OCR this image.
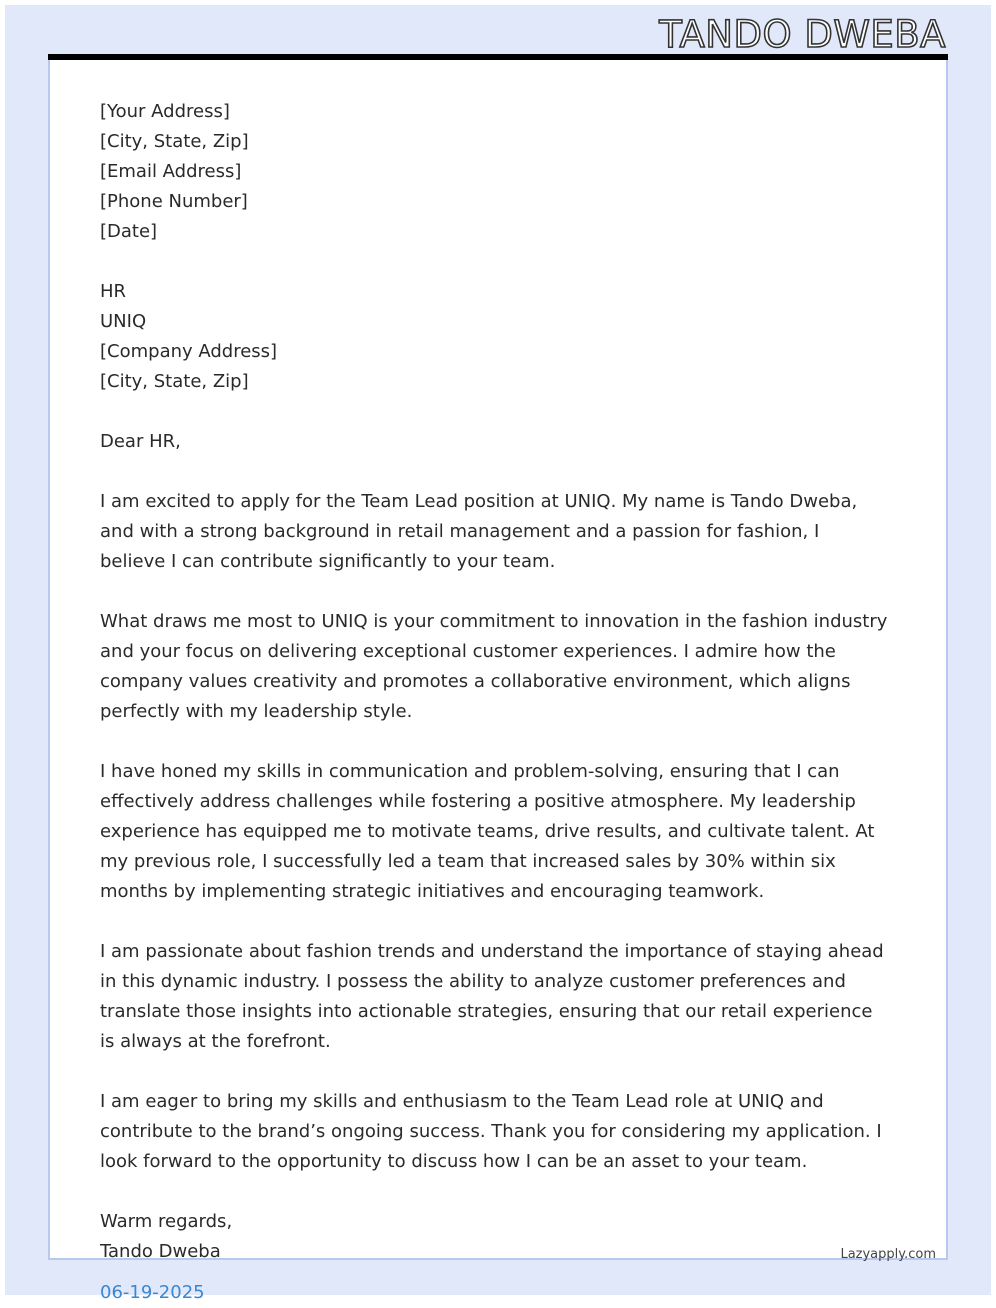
TANDO DWEBA
[Your Address]
[City, State, Zip]
[Email Address]
[Phone Number]
[Date]
HR
UNIQ
[Company Address]
[City, State, Zip]
Dear HR,
I am excited to apply for the Team Lead position at UNIQ. My name is Tando Dweba, and with a strong background in retail management and a passion for fashion, I believe I can contribute significantly to your team.
What draws me most to UNIQ is your commitment to innovation in the fashion industry and your focus on delivering exceptional customer experiences. I admire how the company values creativity and promotes a collaborative environment, which aligns perfectly with my leadership style.
I have honed my skills in communication and problem-solving, ensuring that I can effectively address challenges while fostering a positive atmosphere. My leadership experience has equipped me to motivate teams, drive results, and cultivate talent. At my previous role, I successfully led a team that increased sales by 30% within six months by implementing strategic initiatives and encouraging teamwork.
I am passionate about fashion trends and understand the importance of staying ahead in this dynamic industry. I possess the ability to analyze customer preferences and translate those insights into actionable strategies, ensuring that our retail experience is always at the forefront.
I am eager to bring my skills and enthusiasm to the Team Lead role at UNIQ and contribute to the brand’s ongoing success. Thank you for considering my application. I look forward to the opportunity to discuss how I can be an asset to your team.
Warm regards,
Tando Dweba
06-19-2025
Lazyapply.com
